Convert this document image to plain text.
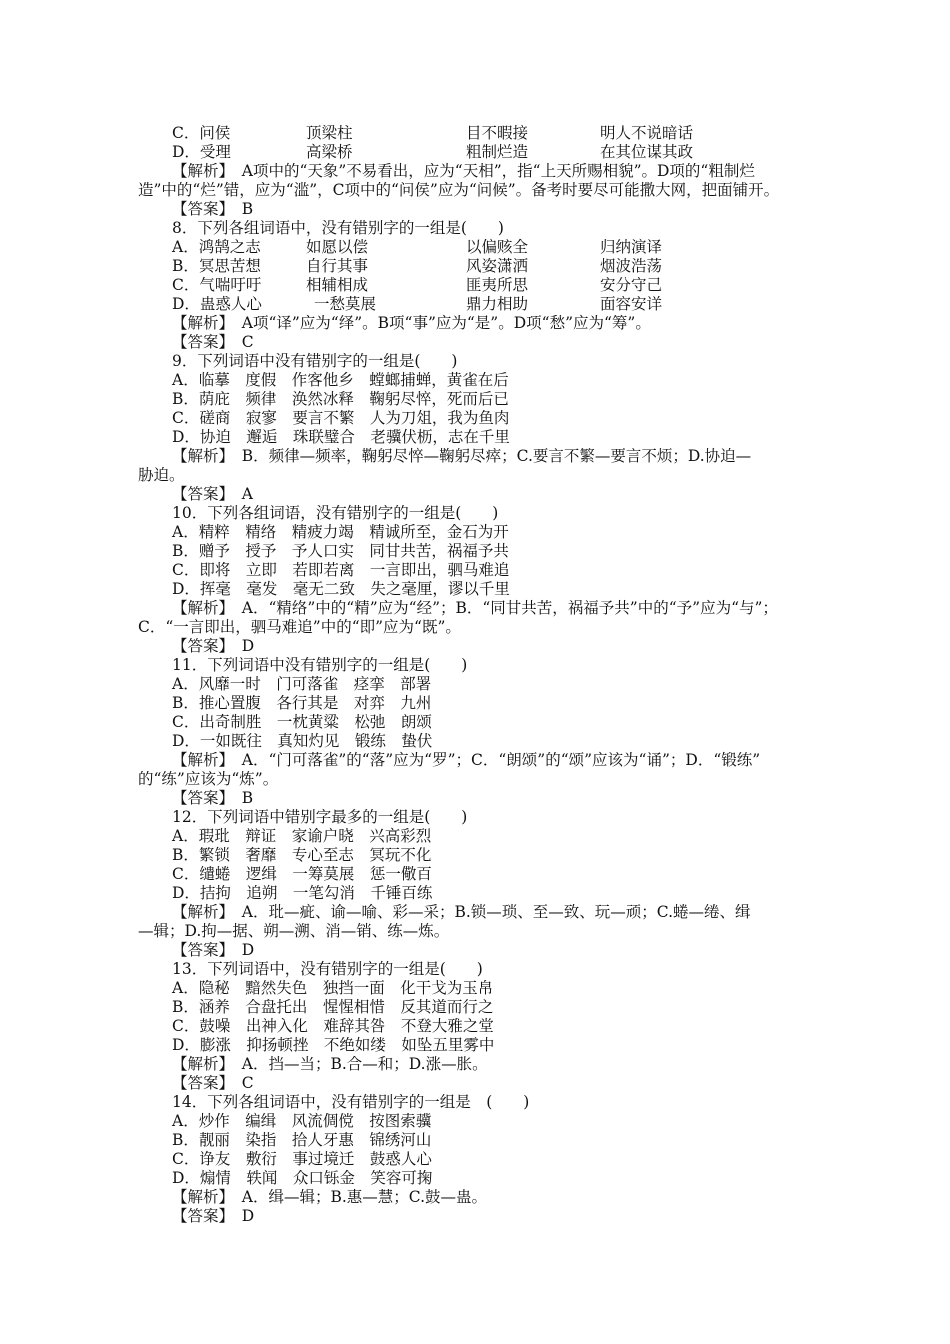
C．问侯	顶梁柱	目不暇接	明人不说暗话
D．受理	高梁桥	粗制烂造	在其位谋其政
【解析】　A项中的“天象”不易看出，应为“天相”，指“上天所赐相貌”。D项的“粗制烂
造”中的“烂”错，应为“滥”，C项中的“问侯”应为“问候”。备考时要尽可能撒大网，把面铺开。
【答案】　B
8．下列各组词语中，没有错别字的一组是(　　)
A．鸿鹄之志	如愿以偿	以偏赅全	归纳演译
B．冥思苦想	自行其事	风姿潇洒	烟波浩荡
C．气喘吁吁	相辅相成	匪夷所思	安分守己
D．蛊惑人心	一愁莫展	鼎力相助	面容安详
【解析】　A项“译”应为“绎”。B项“事”应为“是”。D项“愁”应为“筹”。
【答案】　C
9．下列词语中没有错别字的一组是(　　)
A．临摹　度假　作客他乡　螳螂捕蝉，黄雀在后
B．荫庇　频律　涣然冰释　鞠躬尽悴，死而后已
C．磋商　寂寥　要言不繁　人为刀俎，我为鱼肉
D．协迫　邂逅　珠联璧合　老骥伏枥，志在千里
【解析】　B．频律—频率，鞠躬尽悴—鞠躬尽瘁；C.要言不繁—要言不烦；D.协迫—
胁迫。
【答案】　A
10．下列各组词语，没有错别字的一组是(　　)
A．精粹　精络　精疲力竭　精诚所至，金石为开
B．赠予　授予　予人口实　同甘共苦，祸福予共
C．即将　立即　若即若离　一言即出，驷马难追
D．挥毫　毫发　毫无二致　失之毫厘，谬以千里
【解析】　A．“精络”中的“精”应为“经”；B．“同甘共苦，祸福予共”中的“予”应为“与”；
C．“一言即出，驷马难追”中的“即”应为“既”。
【答案】　D
11．下列词语中没有错别字的一组是(　　)
A．风靡一时　门可落雀　痉挛　部署
B．推心置腹　各行其是　对弈　九州
C．出奇制胜　一枕黄粱　松弛　朗颂
D．一如既往　真知灼见　锻练　蛰伏
【解析】　A．“门可落雀”的“落”应为“罗”；C．“朗颂”的“颂”应该为“诵”；D．“锻练”
的“练”应该为“炼”。
【答案】　B
12．下列词语中错别字最多的一组是(　　)
A．瑕玭　辩证　家谕户晓　兴高彩烈
B．繁锁　奢靡　专心至志　冥玩不化
C．缱蜷　逻缉　一筹莫展　惩一儆百
D．拮拘　追朔　一笔勾消　千锤百练
【解析】　A．玭—疵、谕—喻、彩—采；B.锁—琐、至—致、玩—顽；C.蜷—绻、缉
—辑；D.拘—据、朔—溯、消—销、练—炼。
【答案】　D
13．下列词语中，没有错别字的一组是(　　)
A．隐秘　黯然失色　独挡一面　化干戈为玉帛
B．涵养　合盘托出　惺惺相惜　反其道而行之
C．鼓噪　出神入化　难辞其咎　不登大雅之堂
D．膨涨　抑扬顿挫　不绝如缕　如坠五里雾中
【解析】　A．挡—当；B.合—和；D.涨—胀。
【答案】　C
14．下列各组词语中，没有错别字的一组是　(　　)
A．炒作　编缉　风流倜傥　按图索骥
B．靓丽　染指　拾人牙惠　锦绣河山
C．诤友　敷衍　事过境迁　鼓惑人心
D．煽情　轶闻　众口铄金　笑容可掬
【解析】　A．缉—辑；B.惠—慧；C.鼓—蛊。
【答案】　D
